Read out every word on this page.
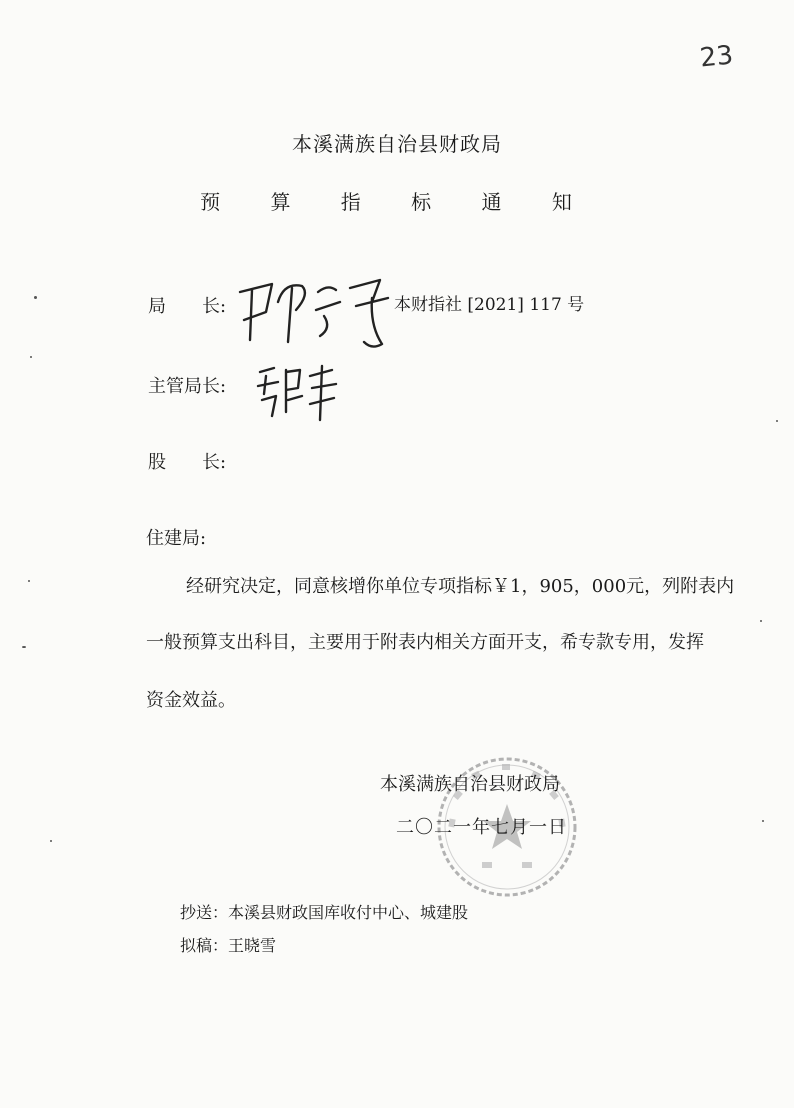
23
本溪满族自治县财政局
预 算 指 标 通 知
局　　长:	本财指社 [2021] 117 号
主管局长:
股　　长:
住建局:
经研究决定，同意核增你单位专项指标￥1，905，000元，列附表内
一般预算支出科目，主要用于附表内相关方面开支，希专款专用，发挥
资金效益。
本溪满族自治县财政局
二〇二一年七月一日
抄送：本溪县财政国库收付中心、城建股
拟稿：王晓雪
